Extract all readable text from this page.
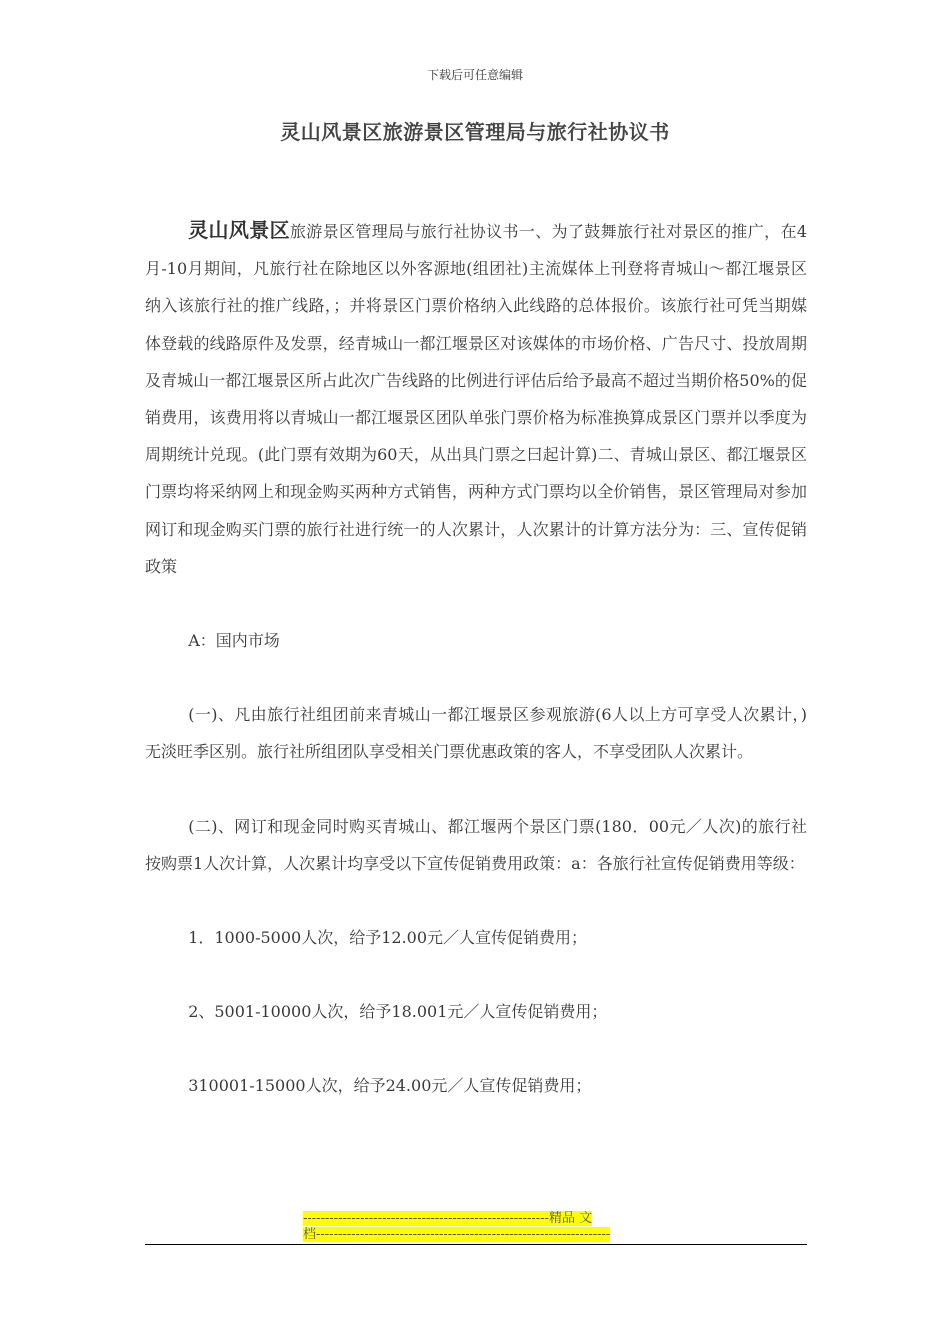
下载后可任意编辑
灵山风景区旅游景区管理局与旅行社协议书

灵山风景区旅游景区管理局与旅行社协议书一、为了鼓舞旅行社对景区的推广，在4月-10月期间，凡旅行社在除地区以外客源地(组团社)主流媒体上刊登将青城山～都江堰景区纳入该旅行社的推广线路，；并将景区门票价格纳入此线路的总体报价。该旅行社可凭当期媒体登载的线路原件及发票，经青城山一都江堰景区对该媒体的市场价格、广告尺寸、投放周期及青城山一都江堰景区所占此次广告线路的比例进行评估后给予最高不超过当期价格50%的促销费用，该费用将以青城山一都江堰景区团队单张门票价格为标准换算成景区门票并以季度为周期统计兑现。(此门票有效期为60天，从出具门票之曰起计算)二、青城山景区、都江堰景区门票均将采纳网上和现金购买两种方式销售，两种方式门票均以全价销售，景区管理局对参加网订和现金购买门票的旅行社进行统一的人次累计，人次累计的计算方法分为：三、宣传促销政策

A：国内市场

(一)、凡由旅行社组团前来青城山一都江堰景区参观旅游(6人以上方可享受人次累计，)无淡旺季区别。旅行社所组团队享受相关门票优惠政策的客人，不享受团队人次累计。

(二)、网订和现金同时购买青城山、都江堰两个景区门票(180．00元／人次)的旅行社按购票1人次计算，人次累计均享受以下宣传促销费用政策：a：各旅行社宣传促销费用等级：

1．1000-5000人次，给予12.00元／人宣传促销费用；

2、5001-10000人次，给予18.001元／人宣传促销费用；

310001-15000人次，给予24.00元／人宣传促销费用；

--------------------------------------------------------精品 文
档-------------------------------------------------------------------
